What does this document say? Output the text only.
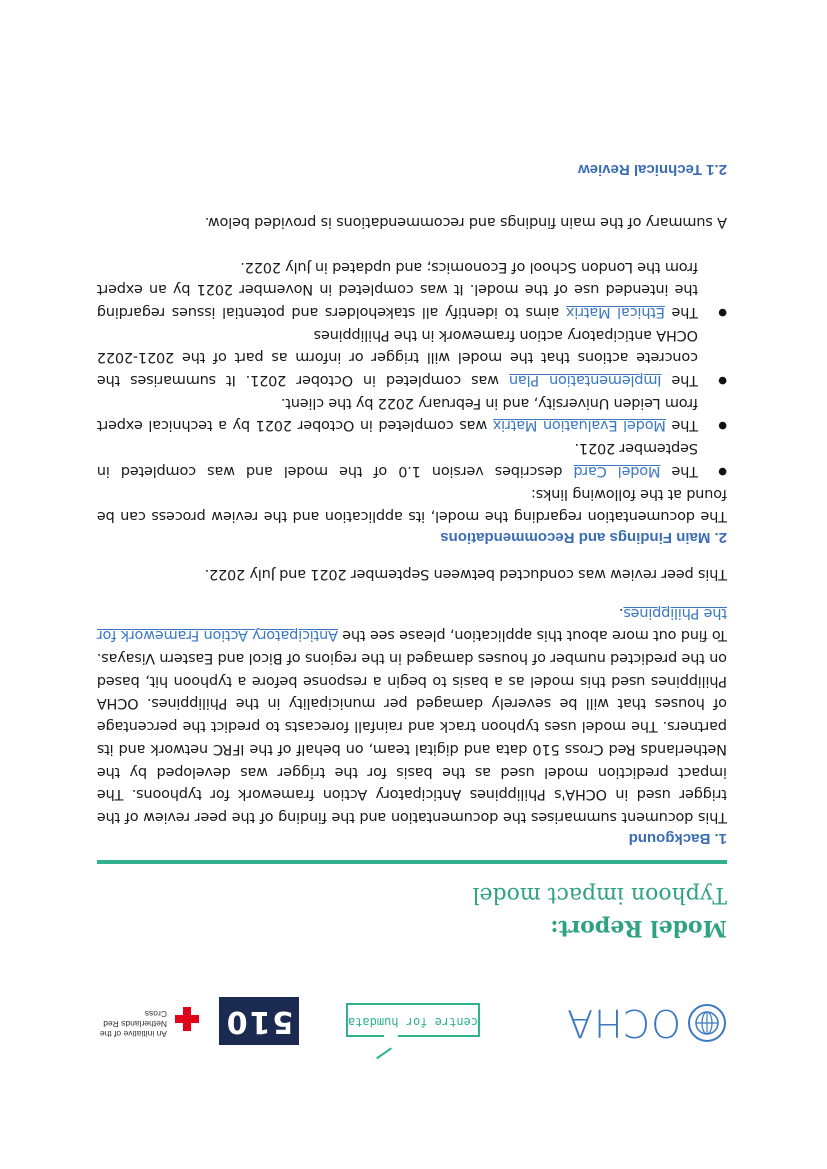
OCHA
centre for humdata
510
An initiative of the Netherlands Red Cross
Model Report:
Typhoon impact model
1. Backgound

This document summarises the documentation and the finding of the peer review of the trigger used in OCHA's Philippines Anticipatory Action framework for typhoons. The impact prediction model used as the basis for the trigger was developed by the Netherlands Red Cross 510 data and digital team, on behalf of the IFRC network and its partners. The model uses typhoon track and rainfall forecasts to predict the percentage of houses that will be severely damaged per municipality in the Philippines. OCHA Philippines used this model as a basis to begin a response before a typhoon hit, based on the predicted number of houses damaged in the regions of Bicol and Eastern Visayas. To find out more about this application, please see the Anticipatory Action Framework for the Philippines.

This peer review was conducted between September 2021 and July 2022.

2. Main Findings and Recommendations

The documentation regarding the model, its application and the review process can be found at the following links:

● The Model Card describes version 1.0 of the model and was completed in September 2021.
● The Model Evaluation Matrix was completed in October 2021 by a technical expert from Leiden University, and in February 2022 by the client.
● The Implementation Plan was completed in October 2021. It summarises the concrete actions that the model will trigger or inform as part of the 2021-2022 OCHA anticipatory action framework in the Philippines
● The Ethical Matrix aims to identify all stakeholders and potential issues regarding the intended use of the model. It was completed in November 2021 by an expert from the London School of Economics; and updated in July 2022.

A summary of the main findings and recommendations is provided below.

2.1 Technical Review
